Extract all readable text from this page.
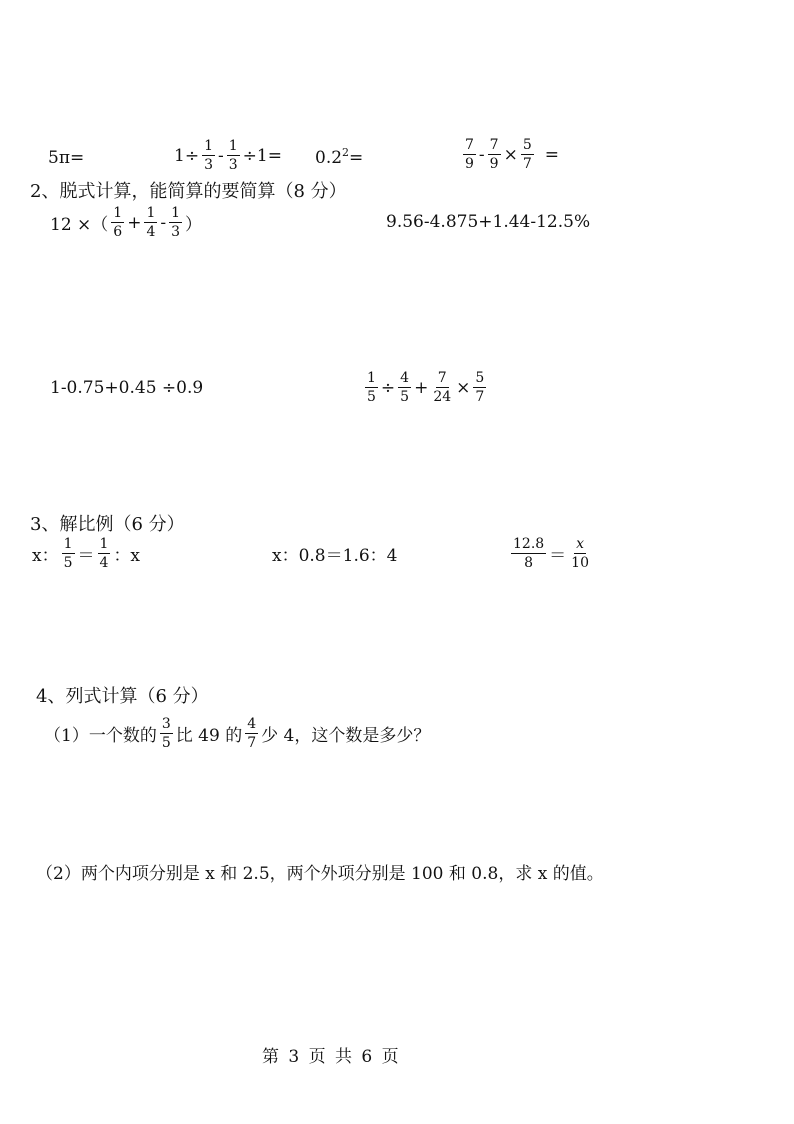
5π=	$1\div \frac{1}{3} - \frac{1}{3} \div 1= 0.2^2=$	$\frac{7}{9} - \frac{7}{9} \times \frac{5}{7}$ =
2、脱式计算，能简算的要简算（8 分）
12 ×（ $\frac{1}{6} + \frac{1}{4} - \frac{1}{3}$ ）	9.56-4.875+1.44-12.5%
1-0.75+0.45 ÷0.9	$\frac{1}{5} \div \frac{4}{5} + \frac{7}{24} \times \frac{5}{7}$
3、解比例（6 分）
x： $\frac{1}{5} = \frac{1}{4}$ ：x	x：0.8＝1.6：4	$\frac{12.8}{8} = \frac{x}{10}$
4、列式计算（6 分）
（1）一个数的 $\frac{3}{5}$ 比 49 的 $\frac{4}{7}$ 少 4，这个数是多少？
（2）两个内项分别是 x 和 2.5，两个外项分别是 100 和 0.8，求 x 的值。
第 3 页 共 6 页
